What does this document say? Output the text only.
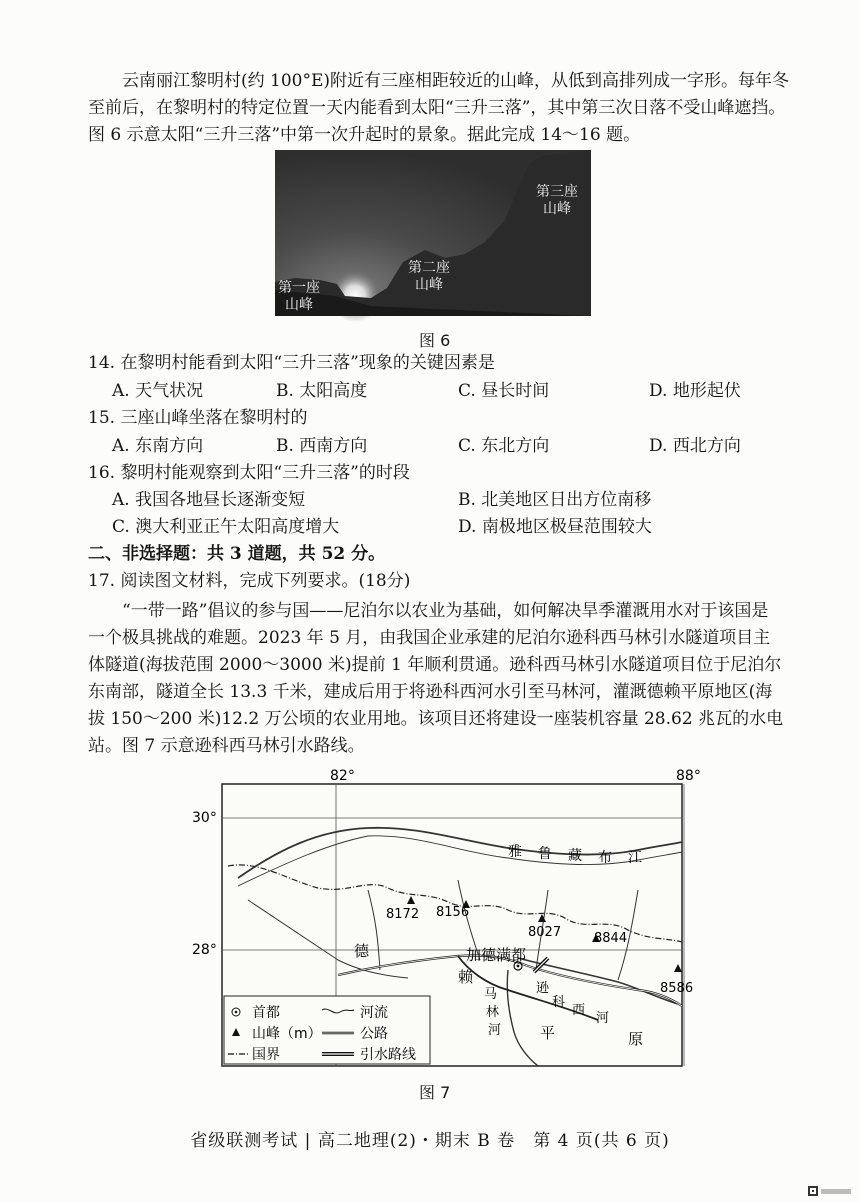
云南丽江黎明村(约 100°E)附近有三座相距较近的山峰，从低到高排列成一字形。每年冬
至前后，在黎明村的特定位置一天内能看到太阳“三升三落”，其中第三次日落不受山峰遮挡。
图 6 示意太阳“三升三落”中第一次升起时的景象。据此完成 14～16 题。
第一座
山峰
第二座
山峰
第三座
山峰
图 6
14. 在黎明村能看到太阳“三升三落”现象的关键因素是
A. 天气状况	B. 太阳高度	C. 昼长时间	D. 地形起伏
15. 三座山峰坐落在黎明村的
A. 东南方向	B. 西南方向	C. 东北方向	D. 西北方向
16. 黎明村能观察到太阳“三升三落”的时段
A. 我国各地昼长逐渐变短	B. 北美地区日出方位南移
C. 澳大利亚正午太阳高度增大	D. 南极地区极昼范围较大
二、非选择题：共 3 道题，共 52 分。
17. 阅读图文材料，完成下列要求。(18分)
“一带一路”倡议的参与国——尼泊尔以农业为基础，如何解决旱季灌溉用水对于该国是
一个极具挑战的难题。2023 年 5 月，由我国企业承建的尼泊尔逊科西马林引水隧道项目主
体隧道(海拔范围 2000～3000 米)提前 1 年顺利贯通。逊科西马林引水隧道项目位于尼泊尔
东南部，隧道全长 13.3 千米，建成后用于将逊科西河水引至马林河，灌溉德赖平原地区(海
拔 150～200 米)12.2 万公顷的农业用地。该项目还将建设一座装机容量 28.62 兆瓦的水电
站。图 7 示意逊科西马林引水路线。
82°	88°
30°
28°
雅 鲁 藏 布 江
8172 8156
8027	8844
8586
德	加德满都
赖
马
林
河
逊
科
西
河
平	原
首都	河流
山峰（m）	公路
国界	引水路线
图 7
省级联测考试 | 高二地理(2)・期末 B 卷　第 4 页(共 6 页)
